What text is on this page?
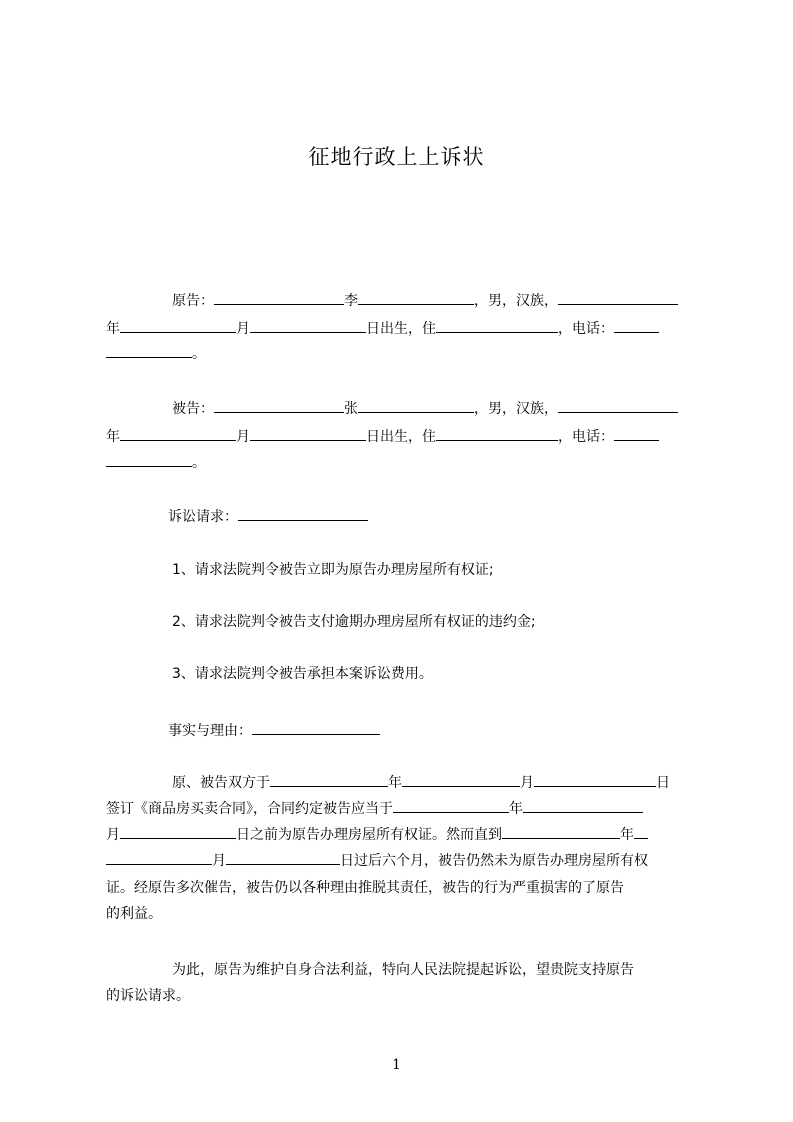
征地行政上上诉状
原告：	李	，男，汉族，
年	月	日出生，住	，电话：
。
被告：	张	，男，汉族，
年	月	日出生，住	，电话：
。
诉讼请求：
1、请求法院判令被告立即为原告办理房屋所有权证;
2、请求法院判令被告支付逾期办理房屋所有权证的违约金;
3、请求法院判令被告承担本案诉讼费用。
事实与理由：
原、被告双方于	年	月	日
签订《商品房买卖合同》，合同约定被告应当于	年
月	日之前为原告办理房屋所有权证。然而直到	年
月	日过后六个月，被告仍然未为原告办理房屋所有权
证。经原告多次催告，被告仍以各种理由推脱其责任，被告的行为严重损害的了原告
的利益。
为此，原告为维护自身合法利益，特向人民法院提起诉讼，望贵院支持原告
的诉讼请求。
1
